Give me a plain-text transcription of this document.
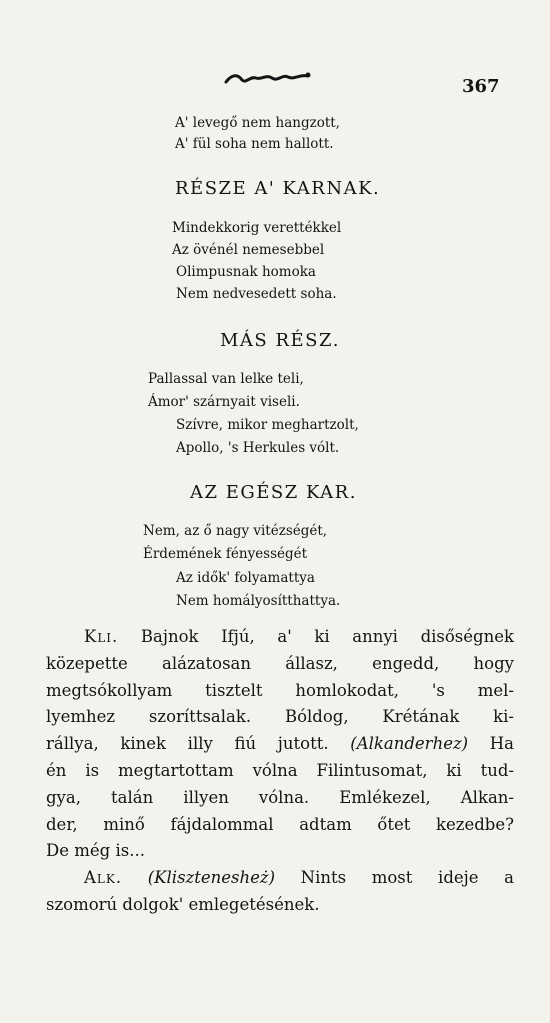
367
A' levegő nem hangzott,
A' fül soha nem hallott.
RÉSZE A' KARNAK.
Mindekkorig verettékkel
Az övénél nemesebbel
Olimpusnak homoka
Nem nedvesedett soha.
MÁS RÉSZ.
Pallassal van lelke teli,
Ámor' szárnyait viseli.
Szívre, mikor meghartzolt,
Apollo, 's Herkules vólt.
AZ EGÉSZ KAR.
Nem, az ő nagy vitézségét,
Érdemének fényességét
Az idők' folyamattya
Nem homályosítthattya.
Kli. Bajnok Ifjú, a' ki annyi disőségnek
közepette alázatosan állasz, engedd, hogy
megtsókollyam tisztelt homlokodat, 's mel-
lyemhez szoríttsalak. Bóldog, Krétának ki-
rállya, kinek illy fiú jutott. (Alkanderhez) Ha
én is megtartottam vólna Filintusomat, ki tud-
gya, talán illyen vólna. Emlékezel, Alkan-
der, minő fájdalommal adtam őtet kezedbe?
De még is...
Alk. (Klisztenesheż) Nints most ideje a
szomorú dolgok' emlegetésének.
